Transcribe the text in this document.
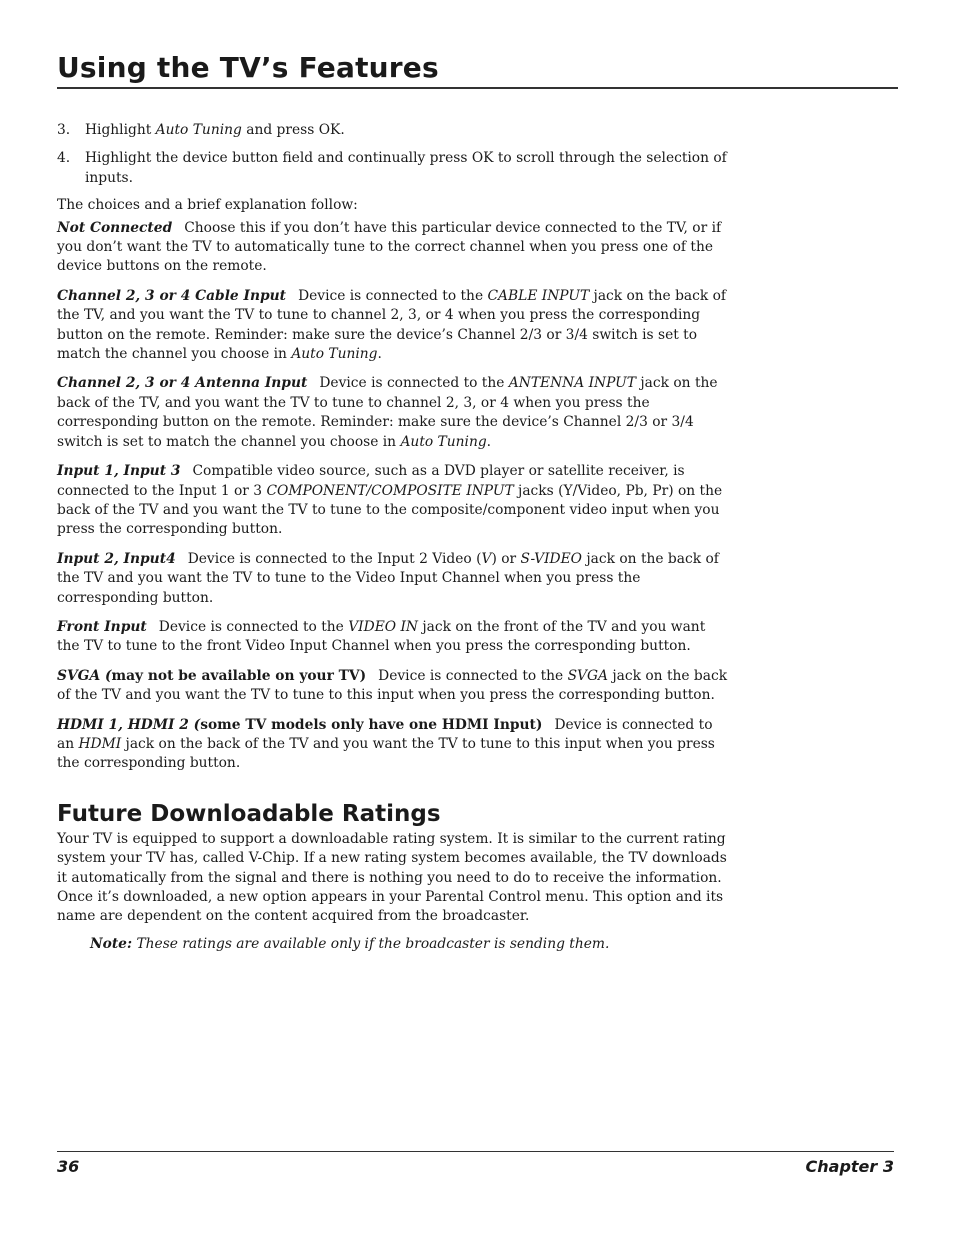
Using the TV’s Features

3.	Highlight Auto Tuning and press OK.

4.	Highlight the device button field and continually press OK to scroll through the selection of inputs.

The choices and a brief explanation follow:

Not Connected Choose this if you don’t have this particular device connected to the TV, or if you don’t want the TV to automatically tune to the correct channel when you press one of the device buttons on the remote.

Channel 2, 3 or 4 Cable Input Device is connected to the CABLE INPUT jack on the back of the TV, and you want the TV to tune to channel 2, 3, or 4 when you press the corresponding button on the remote. Reminder: make sure the device’s Channel 2/3 or 3/4 switch is set to match the channel you choose in Auto Tuning.

Channel 2, 3 or 4 Antenna Input Device is connected to the ANTENNA INPUT jack on the back of the TV, and you want the TV to tune to channel 2, 3, or 4 when you press the corresponding button on the remote. Reminder: make sure the device’s Channel 2/3 or 3/4 switch is set to match the channel you choose in Auto Tuning.

Input 1, Input 3 Compatible video source, such as a DVD player or satellite receiver, is connected to the Input 1 or 3 COMPONENT/COMPOSITE INPUT jacks (Y/Video, Pb, Pr) on the back of the TV and you want the TV to tune to the composite/component video input when you press the corresponding button.

Input 2, Input4 Device is connected to the Input 2 Video (V) or S-VIDEO jack on the back of the TV and you want the TV to tune to the Video Input Channel when you press the corresponding button.

Front Input Device is connected to the VIDEO IN jack on the front of the TV and you want the TV to tune to the front Video Input Channel when you press the corresponding button.

SVGA (may not be available on your TV) Device is connected to the SVGA jack on the back of the TV and you want the TV to tune to this input when you press the corresponding button.

HDMI 1, HDMI 2 (some TV models only have one HDMI Input) Device is connected to an HDMI jack on the back of the TV and you want the TV to tune to this input when you press the corresponding button.

Future Downloadable Ratings

Your TV is equipped to support a downloadable rating system. It is similar to the current rating system your TV has, called V-Chip. If a new rating system becomes available, the TV downloads it automatically from the signal and there is nothing you need to do to receive the information. Once it’s downloaded, a new option appears in your Parental Control menu. This option and its name are dependent on the content acquired from the broadcaster.

Note: These ratings are available only if the broadcaster is sending them.

36	Chapter 3
